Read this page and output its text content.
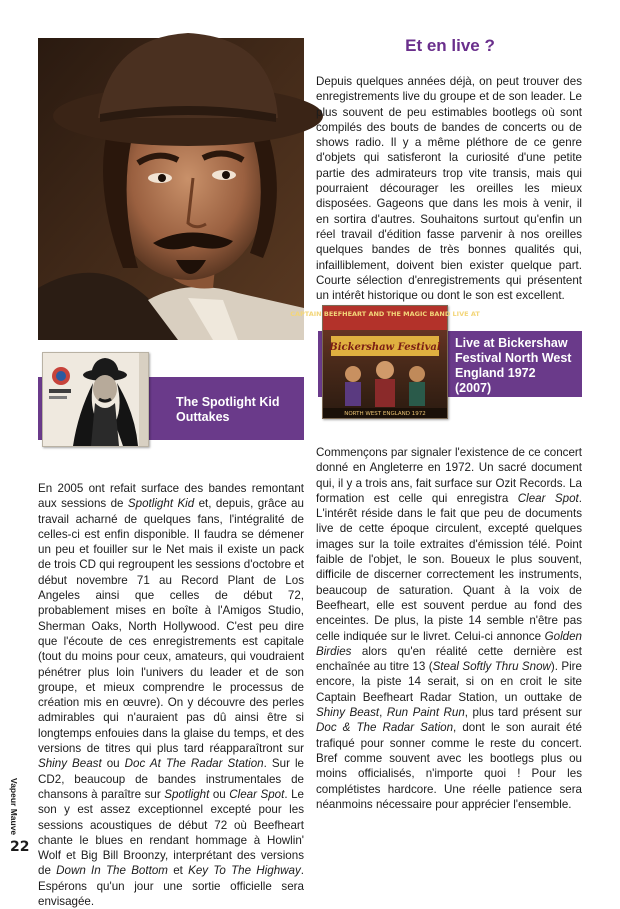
Et en live ?

Depuis quelques années déjà, on peut trouver des enregistrements live du groupe et de son leader. Le plus souvent de peu estimables bootlegs où sont compilés des bouts de bandes de concerts ou de shows radio. Il y a même pléthore de ce genre d'objets qui satisferont la curiosité d'une petite partie des admirateurs trop vite transis, mais qui pourraient décourager les oreilles les mieux disposées. Gageons que dans les mois à venir, il en sortira d'autres. Souhaitons surtout qu'enfin un réel travail d'édition fasse parvenir à nos oreilles quelques bandes de très bonnes qualités qui, infailliblement, doivent bien exister quelque part. Courte sélection d'enregistrements qui présentent un intérêt historique ou dont le son est excellent.

The Spotlight Kid
Outtakes
Live at Bickershaw
Festival North West
England 1972
(2007)
CAPTAIN BEEFHEART AND THE MAGIC BAND LIVE AT
Bickershaw Festival
NORTH WEST ENGLAND 1972

En 2005 ont refait surface des bandes remontant aux sessions de Spotlight Kid et, depuis, grâce au travail acharné de quelques fans, l'intégralité de celles-ci est enfin disponible. Il faudra se démener un peu et fouiller sur le Net mais il existe un pack de trois CD qui regroupent les sessions d'octobre et début novembre 71 au Record Plant de Los Angeles ainsi que celles de début 72, probablement mises en boîte à l'Amigos Studio, Sherman Oaks, North Hollywood. C'est peu dire que l'écoute de ces enregistrements est capitale (tout du moins pour ceux, amateurs, qui voudraient pénétrer plus loin l'univers du leader et de son groupe, et mieux comprendre le processus de création mis en œuvre). On y découvre des perles admirables qui n'auraient pas dû ainsi être si longtemps enfouies dans la glaise du temps, et des versions de titres qui plus tard réapparaîtront sur Shiny Beast ou Doc At The Radar Station. Sur le CD2, beaucoup de bandes instrumentales de chansons à paraître sur Spotlight ou Clear Spot. Le son y est assez exceptionnel excepté pour les sessions acoustiques de début 72 où Beefheart chante le blues en rendant hommage à Howlin' Wolf et Big Bill Broonzy, interprétant des versions de Down In The Bottom et Key To The Highway. Espérons qu'un jour une sortie officielle sera envisagée.

Commençons par signaler l'existence de ce concert donné en Angleterre en 1972. Un sacré document qui, il y a trois ans, fait surface sur Ozit Records. La formation est celle qui enregistra Clear Spot. L'intérêt réside dans le fait que peu de documents live de cette époque circulent, excepté quelques images sur la toile extraites d'émission télé. Point faible de l'objet, le son. Boueux le plus souvent, difficile de discerner correctement les instruments, beaucoup de saturation. Quant à la voix de Beefheart, elle est souvent perdue au fond des enceintes. De plus, la piste 14 semble n'être pas celle indiquée sur le livret. Celui-ci annonce Golden Birdies alors qu'en réalité cette dernière est enchaînée au titre 13 (Steal Softly Thru Snow). Pire encore, la piste 14 serait, si on en croit le site Captain Beefheart Radar Station, un outtake de Shiny Beast, Run Paint Run, plus tard présent sur Doc & The Radar Sation, dont le son aurait été trafiqué pour sonner comme le reste du concert. Bref comme souvent avec les bootlegs plus ou moins officialisés, n'importe quoi ! Pour les complétistes hardcore. Une réelle patience sera néanmoins nécessaire pour apprécier l'ensemble.

Vapeur Mauve
22
